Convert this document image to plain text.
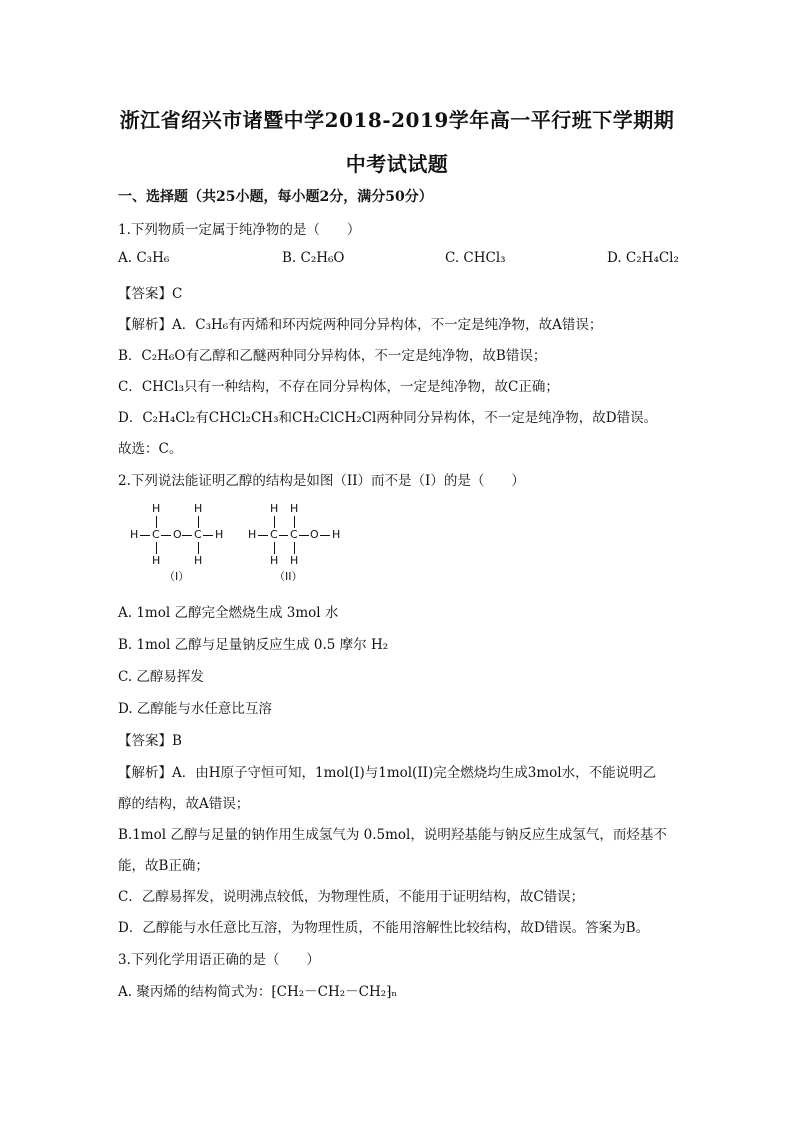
浙江省绍兴市诸暨中学2018-2019学年高一平行班下学期期
中考试试题
一、选择题（共25小题，每小题2分，满分50分）
1.下列物质一定属于纯净物的是（　　）
A. C₃H₆	B. C₂H₆O	C. CHCl₃	D. C₂H₄Cl₂
【答案】C
【解析】A．C₃H₆有丙烯和环丙烷两种同分异构体，不一定是纯净物，故A错误；
B．C₂H₆O有乙醇和乙醚两种同分异构体，不一定是纯净物，故B错误；
C．CHCl₃只有一种结构，不存在同分异构体，一定是纯净物，故C正确；
D．C₂H₄Cl₂有CHCl₂CH₃和CH₂ClCH₂Cl两种同分异构体，不一定是纯净物，故D错误。
故选：C。
2.下列说法能证明乙醇的结构是如图（II）而不是（I）的是（　　）
H	H
H C O C H
H	H
（I）
H H
H C C O H
H H
（II）
A. 1mol 乙醇完全燃烧生成 3mol 水
B. 1mol 乙醇与足量钠反应生成 0.5 摩尔 H₂
C. 乙醇易挥发
D. 乙醇能与水任意比互溶
【答案】B
【解析】A．由H原子守恒可知，1mol(I)与1mol(II)完全燃烧均生成3mol水，不能说明乙
醇的结构，故A错误；
B.1mol 乙醇与足量的钠作用生成氢气为 0.5mol，说明羟基能与钠反应生成氢气，而烃基不
能，故B正确；
C．乙醇易挥发，说明沸点较低，为物理性质，不能用于证明结构，故C错误；
D．乙醇能与水任意比互溶，为物理性质，不能用溶解性比较结构，故D错误。答案为B。
3.下列化学用语正确的是（　　）
A. 聚丙烯的结构简式为：⁅CH₂－CH₂－CH₂⁆ₙ
